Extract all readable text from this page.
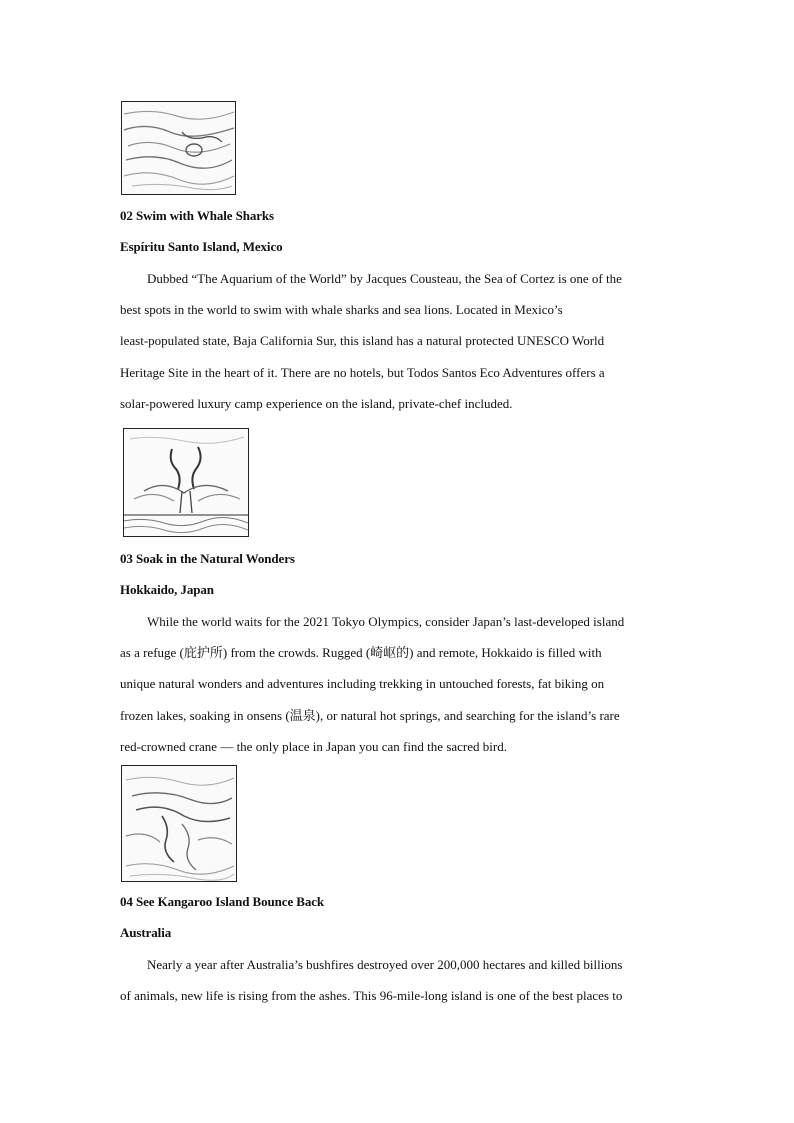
02 Swim with Whale Sharks
Espíritu Santo Island, Mexico
Dubbed “The Aquarium of the World” by Jacques Cousteau, the Sea of Cortez is one of the
best spots in the world to swim with whale sharks and sea lions. Located in Mexico’s
least-populated state, Baja California Sur, this island has a natural protected UNESCO World
Heritage Site in the heart of it. There are no hotels, but Todos Santos Eco Adventures offers a
solar-powered luxury camp experience on the island, private-chef included.
03 Soak in the Natural Wonders
Hokkaido, Japan
While the world waits for the 2021 Tokyo Olympics, consider Japan’s last-developed island
as a refuge (庇护所) from the crowds. Rugged (崎岖的) and remote, Hokkaido is filled with
unique natural wonders and adventures including trekking in untouched forests, fat biking on
frozen lakes, soaking in onsens (温泉), or natural hot springs, and searching for the island’s rare
red-crowned crane — the only place in Japan you can find the sacred bird.
04 See Kangaroo Island Bounce Back
Australia
Nearly a year after Australia’s bushfires destroyed over 200,000 hectares and killed billions
of animals, new life is rising from the ashes. This 96-mile-long island is one of the best places to
